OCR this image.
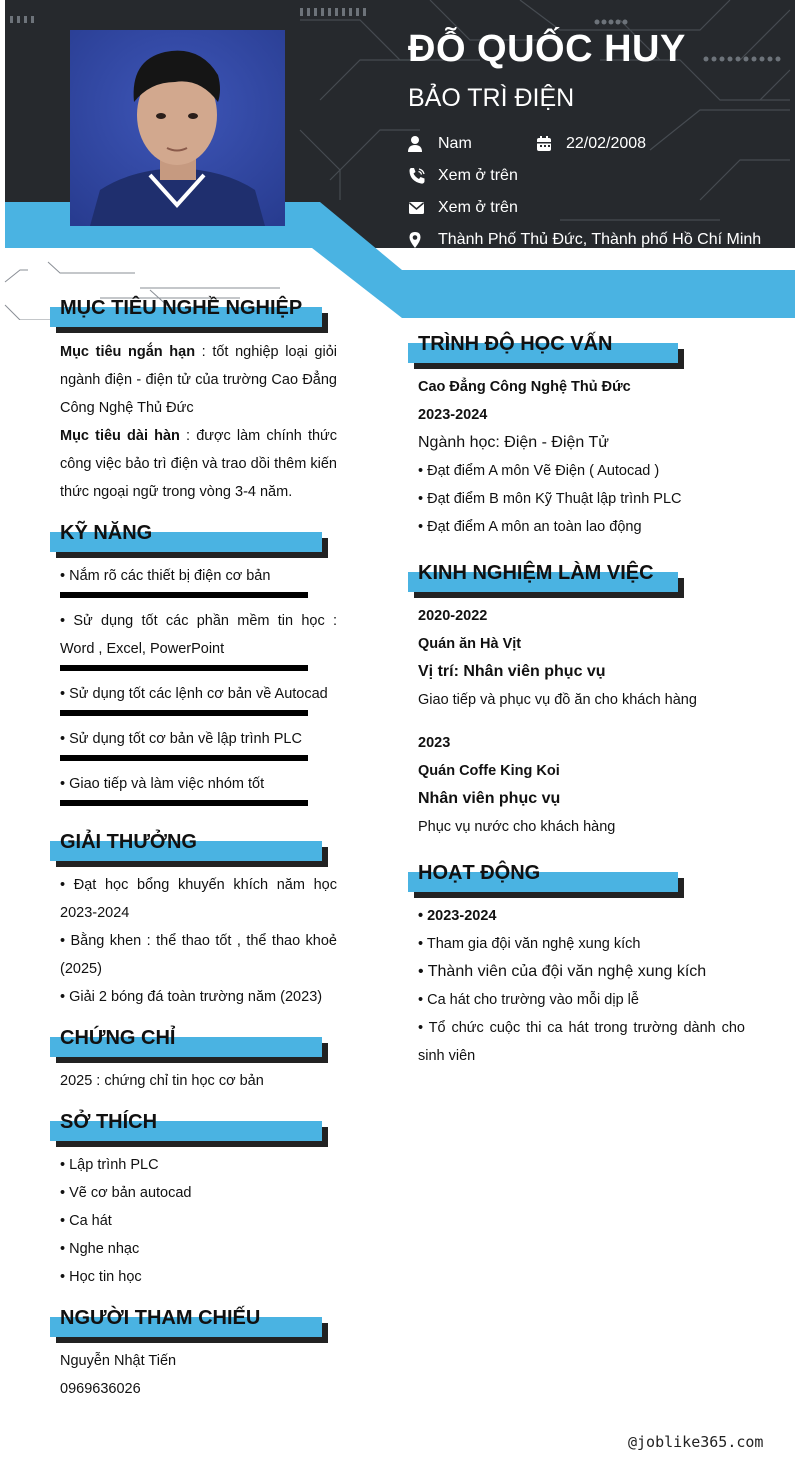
ĐỖ QUỐC HUY
BẢO TRÌ ĐIỆN
Nam	22/02/2008
Xem ở trên
Xem ở trên
Thành Phố Thủ Đức, Thành phố Hồ Chí Minh
MỤC TIÊU NGHỀ NGHIỆP
Mục tiêu ngắn hạn : tốt nghiệp loại giỏi ngành điện - điện tử của trường Cao Đẳng Công Nghệ Thủ Đức
Mục tiêu dài hàn : được làm chính thức công việc bảo trì điện và trao dồi thêm kiến thức ngoại ngữ trong vòng 3-4 năm.
KỸ NĂNG
• Nắm rõ các thiết bị điện cơ bản
• Sử dụng tốt các phần mềm tin học : Word , Excel, PowerPoint
• Sử dụng tốt các lệnh cơ bản về Autocad
• Sử dụng tốt cơ bản về lập trình PLC
• Giao tiếp và làm việc nhóm tốt
GIẢI THƯỞNG
• Đạt học bổng khuyến khích năm học 2023-2024
• Bằng khen : thể thao tốt , thể thao khoẻ (2025)
• Giải 2 bóng đá toàn trường năm (2023)
CHỨNG CHỈ
2025 : chứng chỉ tin học cơ bản
SỞ THÍCH
• Lập trình PLC
• Vẽ cơ bản autocad
• Ca hát
• Nghe nhạc
• Học tin học
NGƯỜI THAM CHIẾU
Nguyễn Nhật Tiến
0969636026
TRÌNH ĐỘ HỌC VẤN
Cao Đẳng Công Nghệ Thủ Đức
2023-2024
Ngành học: Điện - Điện Tử
• Đạt điểm A môn Vẽ Điện ( Autocad )
• Đạt điểm B môn Kỹ Thuật lập trình PLC
• Đạt điểm A môn an toàn lao động
KINH NGHIỆM LÀM VIỆC
2020-2022
Quán ăn Hà Vịt
Vị trí: Nhân viên phục vụ
Giao tiếp và phục vụ đồ ăn cho khách hàng
2023
Quán Coffe King Koi
Nhân viên phục vụ
Phục vụ nước cho khách hàng
HOẠT ĐỘNG
• 2023-2024
• Tham gia đội văn nghệ xung kích
• Thành viên của đội văn nghệ xung kích
• Ca hát cho trường vào mỗi dịp lễ
• Tổ chức cuộc thi ca hát trong trường dành cho sinh viên
@joblike365.com
